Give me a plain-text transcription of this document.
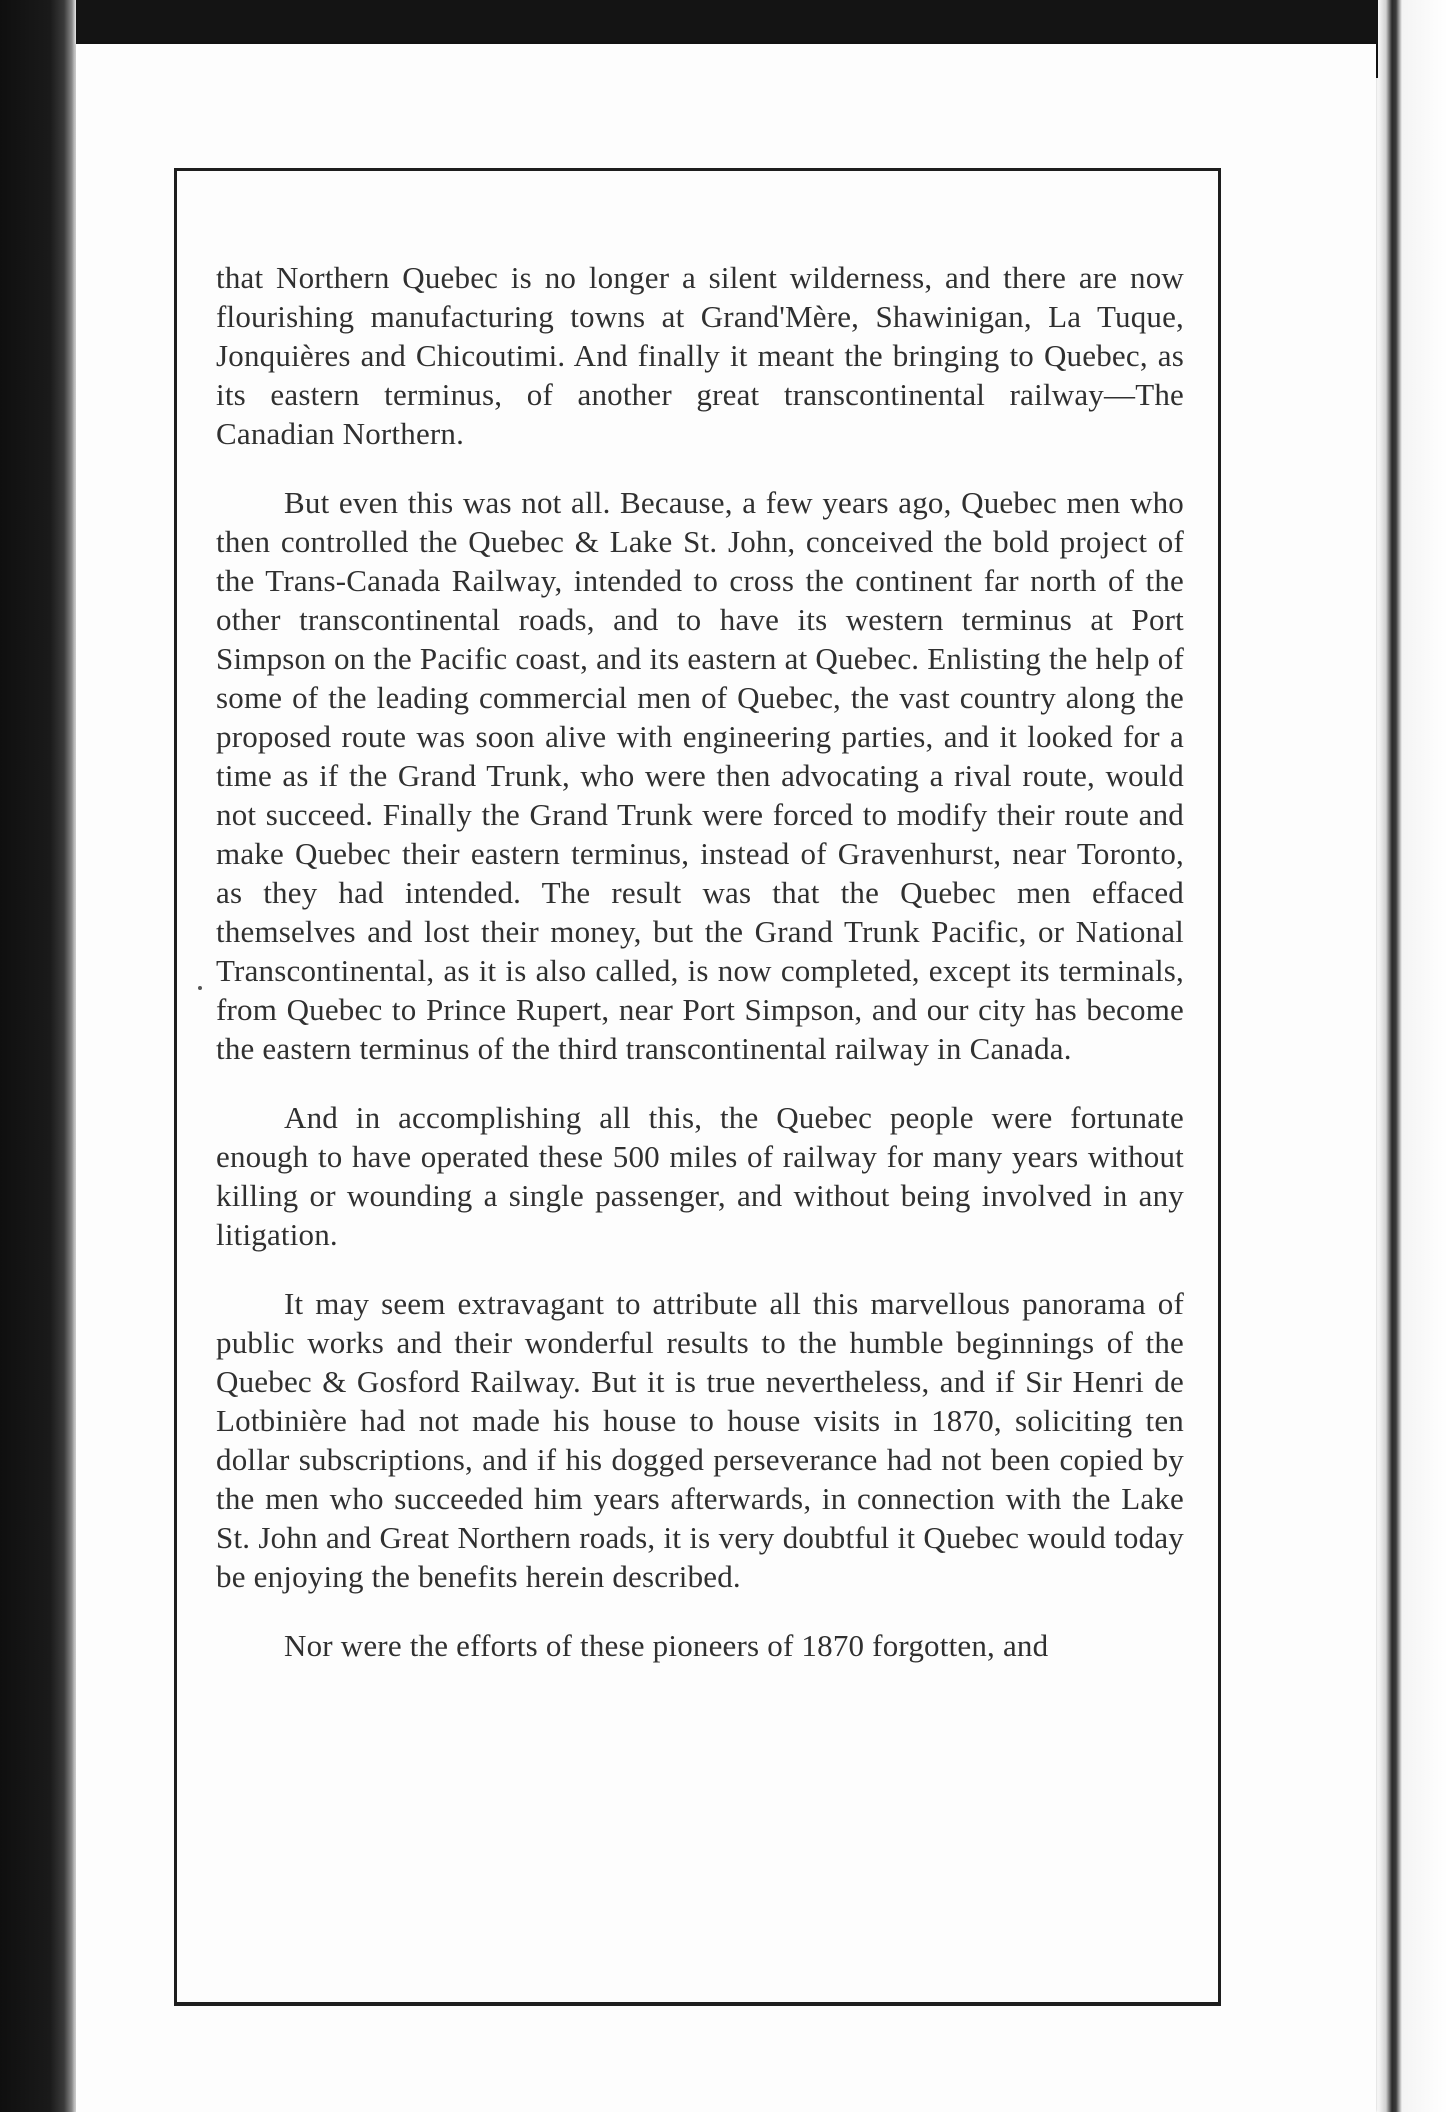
that Northern Quebec is no longer a silent wilderness, and there are now flourishing manufacturing towns at Grand'Mère, Shawinigan, La Tuque, Jonquières and Chicoutimi. And finally it meant the bringing to Quebec, as its eastern terminus, of another great transcontinental railway—The Canadian Northern.

But even this was not all. Because, a few years ago, Quebec men who then controlled the Quebec & Lake St. John, conceived the bold project of the Trans-Canada Railway, intended to cross the continent far north of the other transcontinental roads, and to have its western terminus at Port Simpson on the Pacific coast, and its eastern at Quebec. Enlisting the help of some of the leading commercial men of Quebec, the vast country along the proposed route was soon alive with engineering parties, and it looked for a time as if the Grand Trunk, who were then advocating a rival route, would not succeed. Finally the Grand Trunk were forced to modify their route and make Quebec their eastern terminus, instead of Gravenhurst, near Toronto, as they had intended. The result was that the Quebec men effaced themselves and lost their money, but the Grand Trunk Pacific, or National Transcontinental, as it is also called, is now completed, except its terminals, from Quebec to Prince Rupert, near Port Simpson, and our city has become the eastern terminus of the third transcontinental railway in Canada.

And in accomplishing all this, the Quebec people were fortunate enough to have operated these 500 miles of railway for many years without killing or wounding a single passenger, and without being involved in any litigation.

It may seem extravagant to attribute all this marvellous panorama of public works and their wonderful results to the humble beginnings of the Quebec & Gosford Railway. But it is true nevertheless, and if Sir Henri de Lotbinière had not made his house to house visits in 1870, soliciting ten dollar subscriptions, and if his dogged perseverance had not been copied by the men who succeeded him years afterwards, in connection with the Lake St. John and Great Northern roads, it is very doubtful it Quebec would today be enjoying the benefits herein described.

Nor were the efforts of these pioneers of 1870 forgotten, and
